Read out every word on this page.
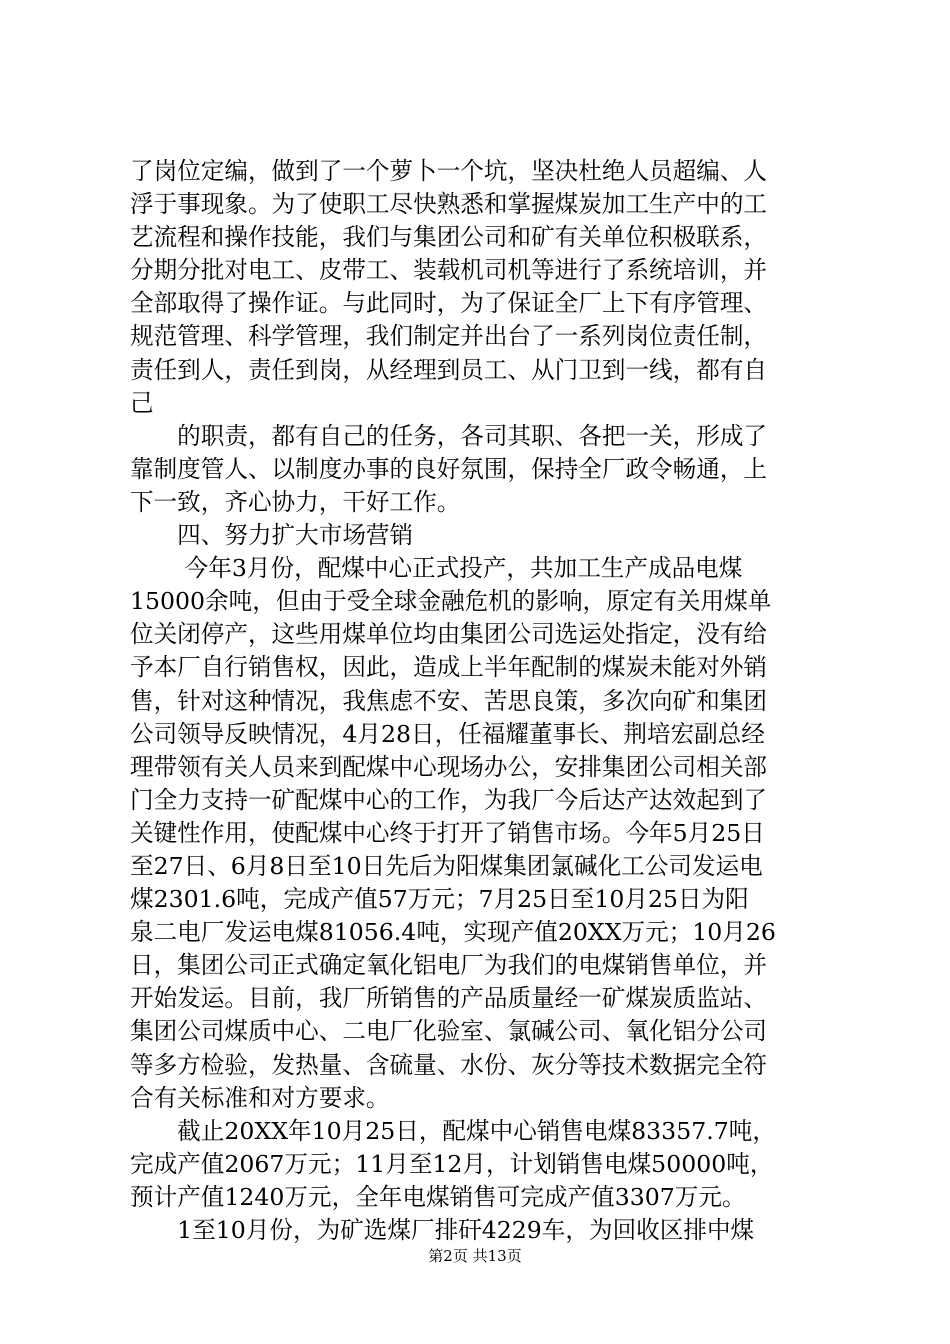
了岗位定编，做到了一个萝卜一个坑，坚决杜绝人员超编、人
浮于事现象。为了使职工尽快熟悉和掌握煤炭加工生产中的工
艺流程和操作技能，我们与集团公司和矿有关单位积极联系，
分期分批对电工、皮带工、装载机司机等进行了系统培训，并
全部取得了操作证。与此同时，为了保证全厂上下有序管理、
规范管理、科学管理，我们制定并出台了一系列岗位责任制，
责任到人，责任到岗，从经理到员工、从门卫到一线，都有自
己
　　的职责，都有自己的任务，各司其职、各把一关，形成了
靠制度管人、以制度办事的良好氛围，保持全厂政令畅通，上
下一致，齐心协力，干好工作。
　　四、努力扩大市场营销
　　 今年3月份，配煤中心正式投产，共加工生产成品电煤
15000余吨，但由于受全球金融危机的影响，原定有关用煤单
位关闭停产，这些用煤单位均由集团公司选运处指定，没有给
予本厂自行销售权，因此，造成上半年配制的煤炭未能对外销
售，针对这种情况，我焦虑不安、苦思良策，多次向矿和集团
公司领导反映情况，4月28日，任福耀董事长、荆培宏副总经
理带领有关人员来到配煤中心现场办公，安排集团公司相关部
门全力支持一矿配煤中心的工作，为我厂今后达产达效起到了
关键性作用，使配煤中心终于打开了销售市场。今年5月25日
至27日、6月8日至10日先后为阳煤集团氯碱化工公司发运电
煤2301.6吨，完成产值57万元；7月25日至10月25日为阳
泉二电厂发运电煤81056.4吨，实现产值20XX万元；10月26
日，集团公司正式确定氧化铝电厂为我们的电煤销售单位，并
开始发运。目前，我厂所销售的产品质量经一矿煤炭质监站、
集团公司煤质中心、二电厂化验室、氯碱公司、氧化铝分公司
等多方检验，发热量、含硫量、水份、灰分等技术数据完全符
合有关标准和对方要求。
　　截止20XX年10月25日，配煤中心销售电煤83357.7吨，
完成产值2067万元；11月至12月，计划销售电煤50000吨，
预计产值1240万元，全年电煤销售可完成产值3307万元。
　　1至10月份，为矿选煤厂排矸4229车，为回收区排中煤
第2页 共13页
